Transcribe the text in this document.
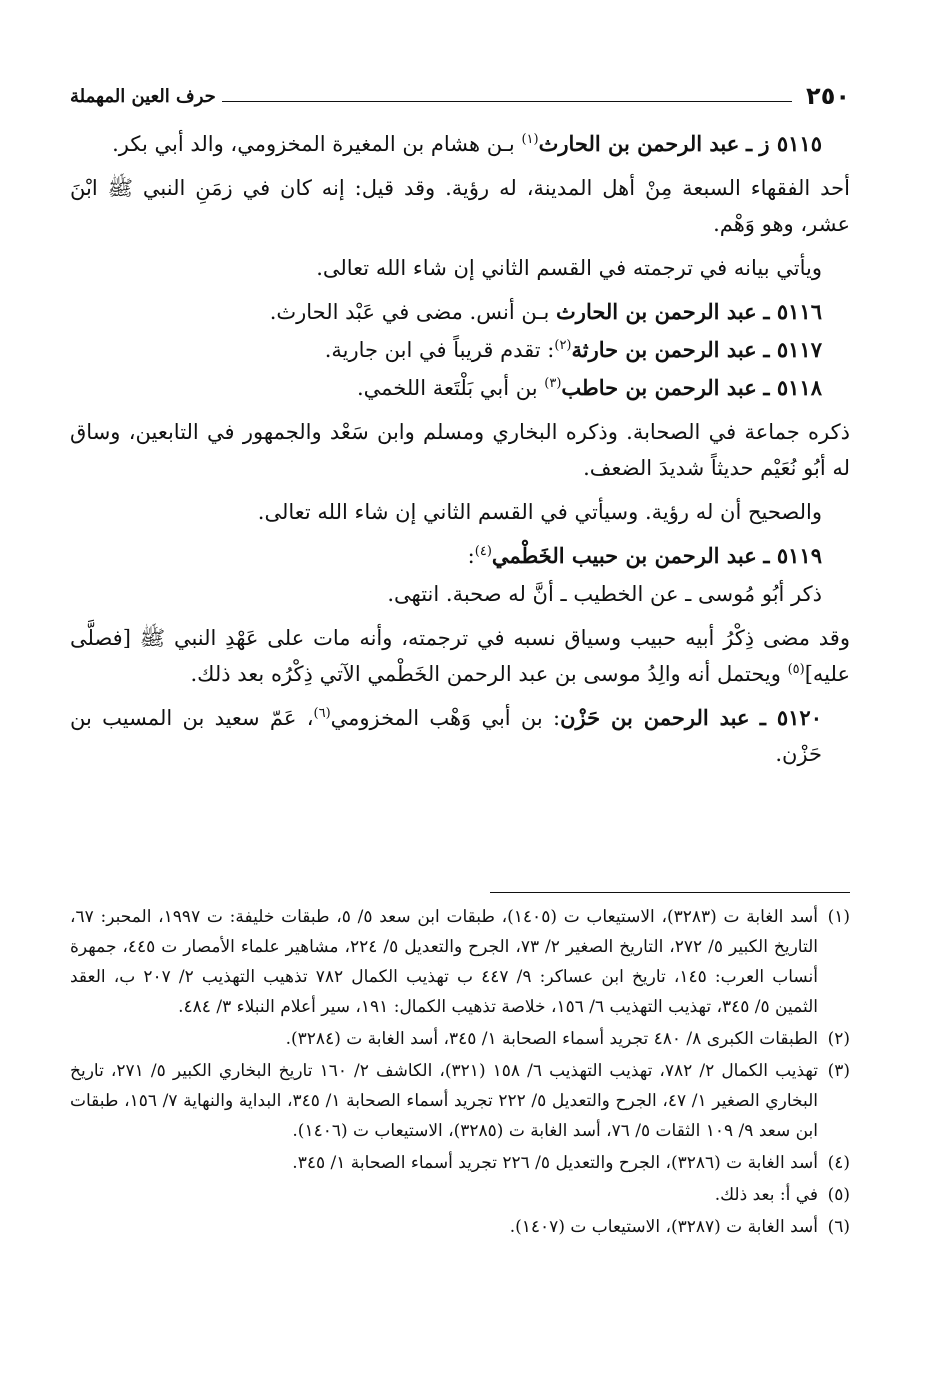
٢٥٠
حرف العين المهملة
٥١١٥ ز ـ عبد الرحمن بن الحارث$^{(١)}$ بـن هشام بن المغيرة المخزومي، والد أبي بكر.
أحد الفقهاء السبعة مِنْ أهل المدينة، له رؤية. وقد قيل: إنه كان في زمَنِ النبي ﷺ ابْنَ عشر، وهو وَهْم.
ويأتي بيانه في ترجمته في القسم الثاني إن شاء الله تعالى.
٥١١٦ ـ عبد الرحمن بن الحارث بـن أنس. مضى في عَبْد الحارث.
٥١١٧ ـ عبد الرحمن بن حارثة$^{(٢)}$: تقدم قريباً في ابن جارية.
٥١١٨ ـ عبد الرحمن بن حاطب$^{(٣)}$ بن أبي بَلْتَعة اللخمي.
ذكره جماعة في الصحابة. وذكره البخاري ومسلم وابن سَعْد والجمهور في التابعين، وساق له أبُو نُعَيْم حديثاً شديدَ الضعف.
والصحيح أن له رؤية. وسيأتي في القسم الثاني إن شاء الله تعالى.
٥١١٩ ـ عبد الرحمن بن حبيب الخَطْمي$^{(٤)}$:
ذكر أبُو مُوسى ـ عن الخطيب ـ أنَّ له صحبة. انتهى.
وقد مضى ذِكْرُ أبيه حبيب وسياق نسبه في ترجمته، وأنه مات على عَهْدِ النبي ﷺ [فصلَّى عليه]$^{(٥)}$ ويحتمل أنه والِدُ موسى بن عبد الرحمن الخَطْمي الآتي ذِكْرُه بعد ذلك.
٥١٢٠ ـ عبد الرحمن بن حَزْن: بن أبي وَهْب المخزومي$^{(٦)}$، عَمّ سعيد بن المسيب بن حَزْن.
(١)
أسد الغابة ت (٣٢٨٣)، الاستيعاب ت (١٤٠٥)، طبقات ابن سعد ٥/ ٥، طبقات خليفة: ت ١٩٩٧، المحبر: ٦٧، التاريخ الكبير ٥/ ٢٧٢، التاريخ الصغير ٢/ ٧٣، الجرح والتعديل ٥/ ٢٢٤، مشاهير علماء الأمصار ت ٤٤٥، جمهرة أنساب العرب: ١٤٥، تاريخ ابن عساكر: ٩/ ٤٤٧ ب تهذيب الكمال ٧٨٢ تذهيب التهذيب ٢/ ٢٠٧ ب، العقد الثمين ٥/ ٣٤٥، تهذيب التهذيب ٦/ ١٥٦، خلاصة تذهيب الكمال: ١٩١، سير أعلام النبلاء ٣/ ٤٨٤.
(٢)
الطبقات الكبرى ٨/ ٤٨٠ تجريد أسماء الصحابة ١/ ٣٤٥، أسد الغابة ت (٣٢٨٤).
(٣)
تهذيب الكمال ٢/ ٧٨٢، تهذيب التهذيب ٦/ ١٥٨ (٣٢١)، الكاشف ٢/ ١٦٠ تاريخ البخاري الكبير ٥/ ٢٧١، تاريخ البخاري الصغير ١/ ٤٧، الجرح والتعديل ٥/ ٢٢٢ تجريد أسماء الصحابة ١/ ٣٤٥، البداية والنهاية ٧/ ١٥٦، طبقات ابن سعد ٩/ ١٠٩ الثقات ٥/ ٧٦، أسد الغابة ت (٣٢٨٥)، الاستيعاب ت (١٤٠٦).
(٤)
أسد الغابة ت (٣٢٨٦)، الجرح والتعديل ٥/ ٢٢٦ تجريد أسماء الصحابة ١/ ٣٤٥.
(٥)
في أ: بعد ذلك.
(٦)
أسد الغابة ت (٣٢٨٧)، الاستيعاب ت (١٤٠٧).
